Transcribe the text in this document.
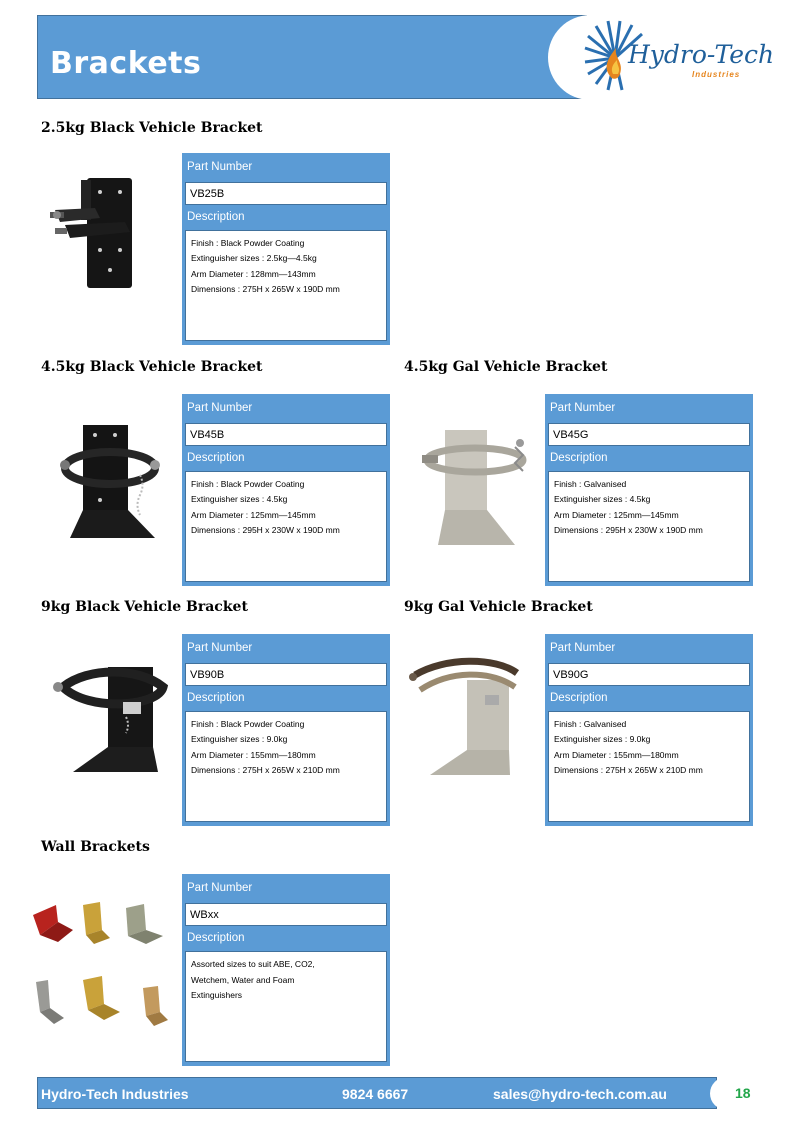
Brackets	Hydro-Tech
Industries
2.5kg Black Vehicle Bracket
Part Number
VB25B
Description
Finish : Black Powder Coating
Extinguisher sizes : 2.5kg—4.5kg
Arm Diameter : 128mm—143mm
Dimensions : 275H x 265W x 190D mm
4.5kg Black Vehicle Bracket
Part Number
VB45B
Description
Finish : Black Powder Coating
Extinguisher sizes : 4.5kg
Arm Diameter : 125mm—145mm
Dimensions : 295H x 230W x 190D mm
4.5kg Gal Vehicle Bracket
Part Number
VB45G
Description
Finish : Galvanised
Extinguisher sizes : 4.5kg
Arm Diameter : 125mm—145mm
Dimensions : 295H x 230W x 190D mm
9kg Black Vehicle Bracket
Part Number
VB90B
Description
Finish : Black Powder Coating
Extinguisher sizes : 9.0kg
Arm Diameter : 155mm—180mm
Dimensions : 275H x 265W x 210D mm
9kg Gal Vehicle Bracket
Part Number
VB90G
Description
Finish : Galvanised
Extinguisher sizes : 9.0kg
Arm Diameter : 155mm—180mm
Dimensions : 275H x 265W x 210D mm
Wall Brackets
Part Number
WBxx
Description
Assorted sizes to suit ABE, CO2, Wetchem, Water and Foam Extinguishers
Hydro-Tech Industries	9824 6667	sales@hydro-tech.com.au	18
